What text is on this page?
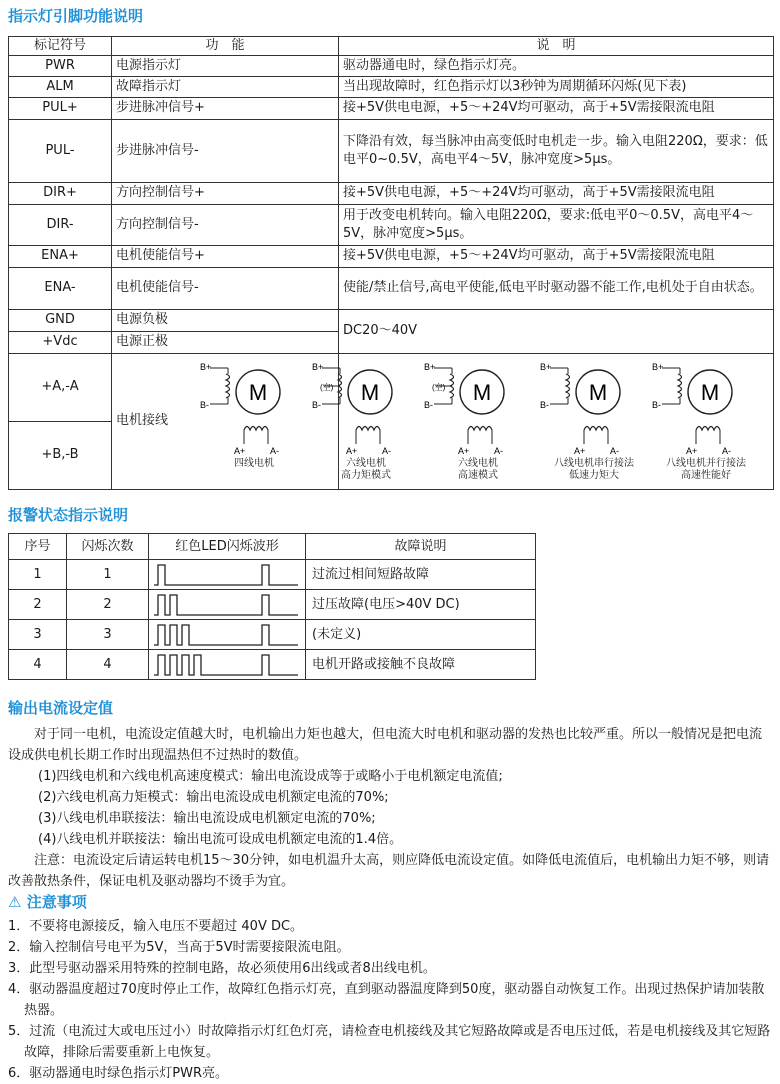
指示灯引脚功能说明
标记符号	功　能	说　明
PWR	电源指示灯	驱动器通电时，绿色指示灯亮。
ALM	故障指示灯	当出现故障时，红色指示灯以3秒钟为周期循环闪烁(见下表)
PUL+	步进脉冲信号+	接+5V供电电源，+5～+24V均可驱动，高于+5V需接限流电阻
PUL-	步进脉冲信号-	下降沿有效，每当脉冲由高变低时电机走一步。输入电阻220Ω，要求：低电平0~0.5V，高电平4～5V，脉冲宽度>5μs。
DIR+	方向控制信号+	接+5V供电电源，+5～+24V均可驱动，高于+5V需接限流电阻
DIR-	方向控制信号-	用于改变电机转向。输入电阻220Ω，要求:低电平0～0.5V，高电平4～5V，脉冲宽度>5μs。
ENA+	电机使能信号+	接+5V供电电源，+5～+24V均可驱动，高于+5V需接限流电阻
ENA-	电机使能信号-	使能/禁止信号,高电平使能,低电平时驱动器不能工作,电机处于自由状态。
GND	电源负极	DC20～40V
+Vdc	电源正极	
+A,-A	电机接线	
+B,-B		
M
B+
B-
A+	A-
四线电机
M
B+
B-
A+	A-
(空)
六线电机
高力矩模式
M
B+
B-
A+	A-
(空)
六线电机
高速模式
M
B+
B-
A+	A-
八线电机串行接法
低速力矩大
M
B+
B-
A+	A-
八线电机并行接法
高速性能好
报警状态指示说明
序号	闪烁次数	红色LED闪烁波形	故障说明
1	1		过流过相间短路故障
2	2		过压故障(电压>40V DC)
3	3		(未定义)
4	4		电机开路或接触不良故障
输出电流设定值
对于同一电机，电流设定值越大时，电机输出力矩也越大，但电流大时电机和驱动器的发热也比较严重。所以一般情况是把电流设成供电机长期工作时出现温热但不过热时的数值。
(1)四线电机和六线电机高速度模式：输出电流设成等于或略小于电机额定电流值;
(2)六线电机高力矩模式：输出电流设成电机额定电流的70%;
(3)八线电机串联接法：输出电流设成电机额定电流的70%;
(4)八线电机并联接法：输出电流可设成电机额定电流的1.4倍。
注意：电流设定后请运转电机15～30分钟，如电机温升太高，则应降低电流设定值。如降低电流值后，电机输出力矩不够，则请改善散热条件，保证电机及驱动器均不烫手为宜。
⚠ 注意事项
1．不要将电源接反，输入电压不要超过 40V DC。
2．输入控制信号电平为5V，当高于5V时需要接限流电阻。
3．此型号驱动器采用特殊的控制电路，故必须使用6出线或者8出线电机。
4．驱动器温度超过70度时停止工作，故障红色指示灯亮，直到驱动器温度降到50度，驱动器自动恢复工作。出现过热保护请加装散热器。
5．过流（电流过大或电压过小）时故障指示灯红色灯亮，请检查电机接线及其它短路故障或是否电压过低，若是电机接线及其它短路故障，排除后需要重新上电恢复。
6．驱动器通电时绿色指示灯PWR亮。
